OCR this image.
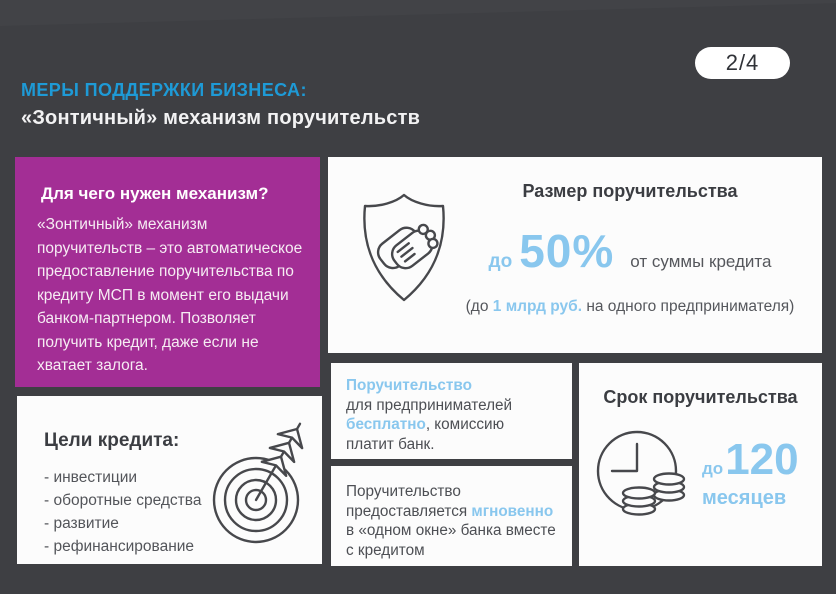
2/4
МЕРЫ ПОДДЕРЖКИ БИЗНЕСА:
«Зонтичный» механизм поручительств
Для чего нужен механизм?
«Зонтичный» механизм поручительств – это автоматическое предоставление поручительства по кредиту МСП в момент его выдачи банком-партнером. Позволяет получить кредит, даже если не хватает залога.
Цели кредита:
- инвестиции
- оборотные средства
- развитие
- рефинансирование
Размер поручительства
до 50% от суммы кредита
(до 1 млрд руб. на одного предпринимателя)
Поручительство
для предпринимателей
бесплатно, комиссию
платит банк.
Поручительство
предоставляется мгновенно
в «одном окне» банка вместе
с кредитом
Срок поручительства
до 120
месяцев
